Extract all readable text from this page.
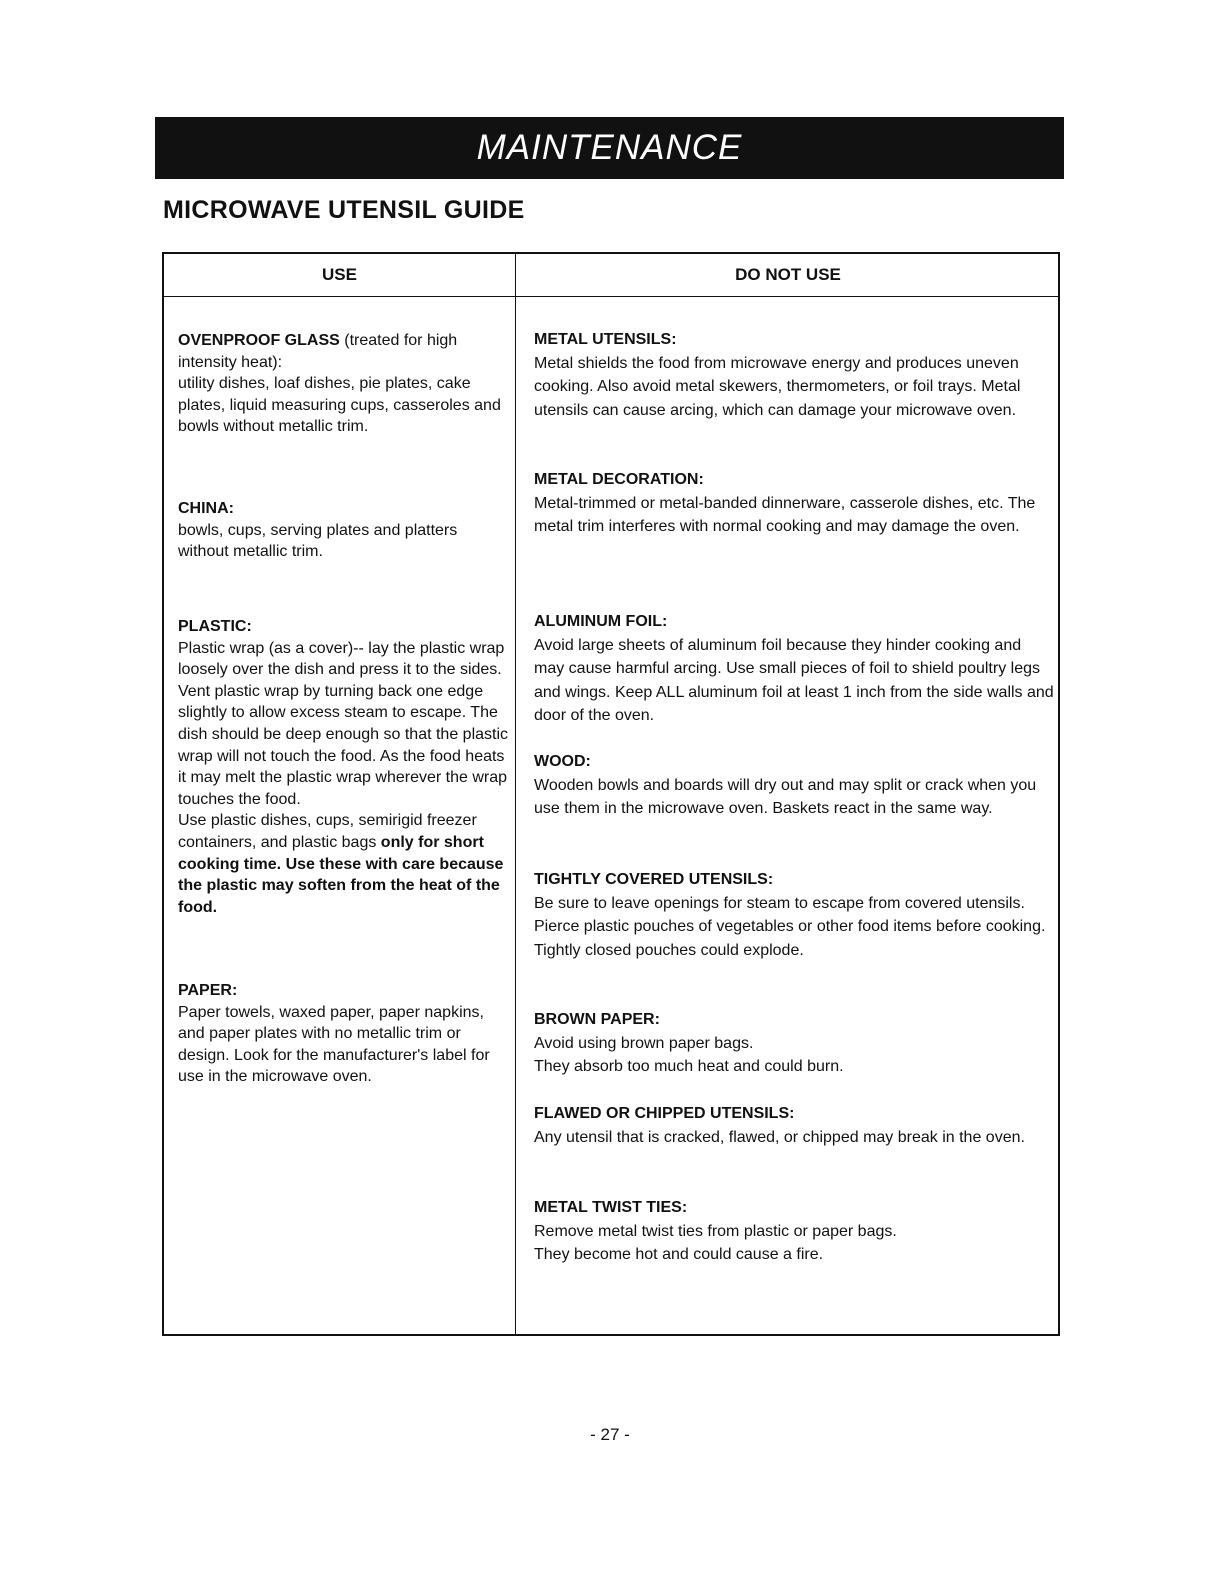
MAINTENANCE
MICROWAVE UTENSIL GUIDE
USE	DO NOT USE

OVENPROOF GLASS (treated for high intensity heat):

utility dishes, loaf dishes, pie plates, cake plates, liquid measuring cups, casseroles and bowls without metallic trim.

CHINA:

bowls, cups, serving plates and platters without metallic trim.

PLASTIC:

Plastic wrap (as a cover)-- lay the plastic wrap loosely over the dish and press it to the sides.

Vent plastic wrap by turning back one edge slightly to allow excess steam to escape. The dish should be deep enough so that the plastic wrap will not touch the food. As the food heats it may melt the plastic wrap wherever the wrap touches the food.

Use plastic dishes, cups, semirigid freezer containers, and plastic bags only for short cooking time. Use these with care because the plastic may soften from the heat of the food.

PAPER:

Paper towels, waxed paper, paper napkins, and paper plates with no metallic trim or design. Look for the manufacturer's label for use in the microwave oven.

METAL UTENSILS:

Metal shields the food from microwave energy and produces uneven cooking. Also avoid metal skewers, thermometers, or foil trays. Metal utensils can cause arcing, which can damage your microwave oven.

METAL DECORATION:

Metal-trimmed or metal-banded dinnerware, casserole dishes, etc. The metal trim interferes with normal cooking and may damage the oven.

ALUMINUM FOIL:

Avoid large sheets of aluminum foil because they hinder cooking and may cause harmful arcing. Use small pieces of foil to shield poultry legs and wings. Keep ALL aluminum foil at least 1 inch from the side walls and door of the oven.

WOOD:

Wooden bowls and boards will dry out and may split or crack when you use them in the microwave oven. Baskets react in the same way.

TIGHTLY COVERED UTENSILS:

Be sure to leave openings for steam to escape from covered utensils. Pierce plastic pouches of vegetables or other food items before cooking. Tightly closed pouches could explode.

BROWN PAPER:

Avoid using brown paper bags.

They absorb too much heat and could burn.

FLAWED OR CHIPPED UTENSILS:

Any utensil that is cracked, flawed, or chipped may break in the oven.

METAL TWIST TIES:

Remove metal twist ties from plastic or paper bags.

They become hot and could cause a fire.

- 27 -
